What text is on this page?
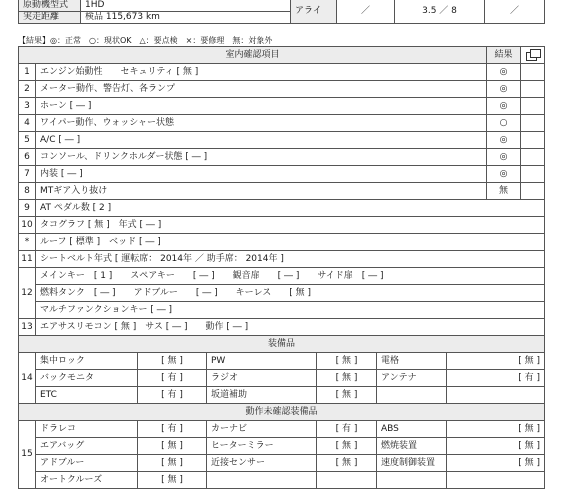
原動機型式	1HD	アライ	／	3.5 ／ 8	／
実走距離	検品 115,673 km				
【結果】◎：正常　○：現状OK　△：要点検　×：要修理　無：対象外
室内確認項目							結果	
1	エンジン始動性　　セキュリティ [ 無 ]						◎	
2	メーター動作、警告灯、各ランプ						◎	
3	ホーン [ ― ]						◎	
4	ワイパー動作、ウォッシャー状態						○	
5	A/C [ ― ]						◎	
6	コンソール、ドリンクホルダー状態 [ ― ]						◎	
7	内装 [ ― ]						◎	
8	MTギア入り抜け						無	
9	AT ペダル数 [ 2 ]							
10	タコグラフ [ 無 ]　年式 [ ― ]							
*	ルーフ [ 標準 ]　ベッド [ ― ]							
11	シートベルト年式 [ 運転席： 2014年 ／ 助手席： 2014年 ]							
12	メインキー　[ 1 ]　　スペアキー　　[ ― ]　　観音扉　　[ ― ]　　サイド扉　[ ― ]							
	燃料タンク　[ ― ]　　アドブルー　　[ ― ]　　キーレス　　[ 無 ]							
	マルチファンクションキー [ ― ]							
13	エアサスリモコン [ 無 ]　サス [ ― ]　　動作 [ ― ]							
装備品								
14	集中ロック	[ 無 ]	PW	[ 無 ]	電格	[ 無 ]		
	バックモニタ	[ 有 ]	ラジオ	[ 無 ]	アンテナ	[ 有 ]		
	ETC	[ 有 ]	坂道補助	[ 無 ]				
動作未確認装備品								
15	ドラレコ	[ 有 ]	カーナビ	[ 有 ]	ABS	[ 無 ]		
	エアバッグ	[ 無 ]	ヒーターミラー	[ 無 ]	燃焼装置	[ 無 ]		
	アドブルー	[ 無 ]	近接センサー	[ 無 ]	速度制御装置	[ 無 ]		
	オートクルーズ	[ 無 ]						
